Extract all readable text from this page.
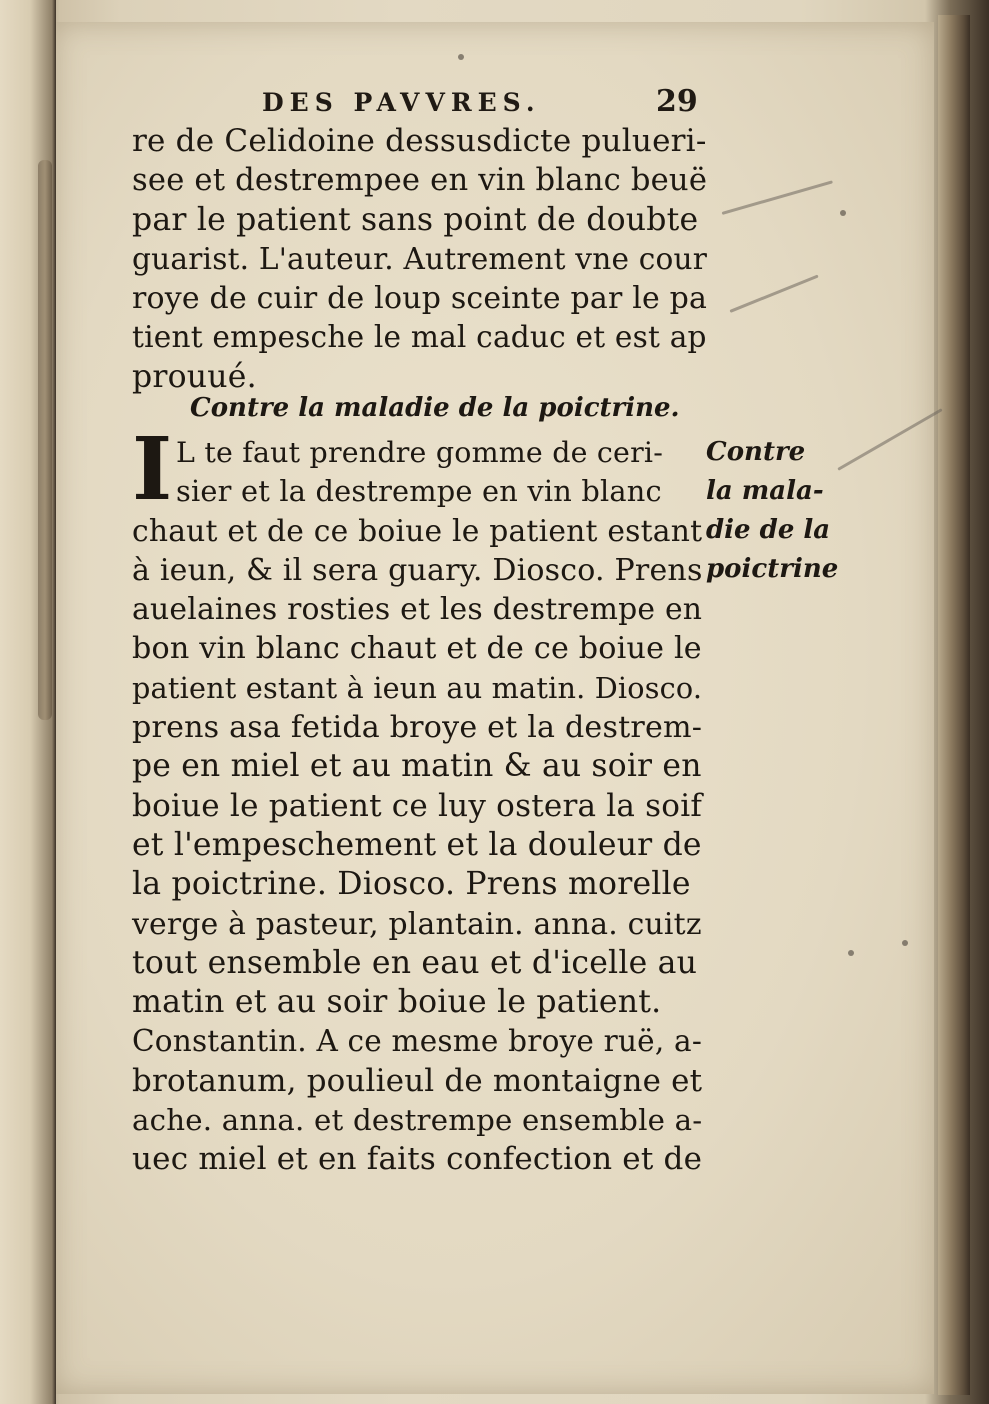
DES PAVVRES.	29
re de Celidoine dessusdicte pulueri-
see et destrempee en vin blanc beuë
par le patient sans point de doubte
guarist. L'auteur. Autrement vne cour
roye de cuir de loup sceinte par le pa
tient empesche le mal caduc et est ap
prouué.
Contre la maladie de la poictrine.
I L te faut prendre gomme de ceri-
sier et la destrempe en vin blanc
chaut et de ce boiue le patient estant
à ieun, & il sera guary. Diosco. Prens
auelaines rosties et les destrempe en
bon vin blanc chaut et de ce boiue le
patient estant à ieun au matin. Diosco.
prens asa fetida broye et la destrem-
pe en miel et au matin & au soir en
boiue le patient ce luy ostera la soif
et l'empeschement et la douleur de
la poictrine. Diosco. Prens morelle
verge à pasteur, plantain. anna. cuitz
tout ensemble en eau et d'icelle au
matin et au soir boiue le patient.
Constantin. A ce mesme broye ruë, a-
brotanum, poulieul de montaigne et
ache. anna. et destrempe ensemble a-
uec miel et en faits confection et de
Contre
la mala-
die de la
poictrine
